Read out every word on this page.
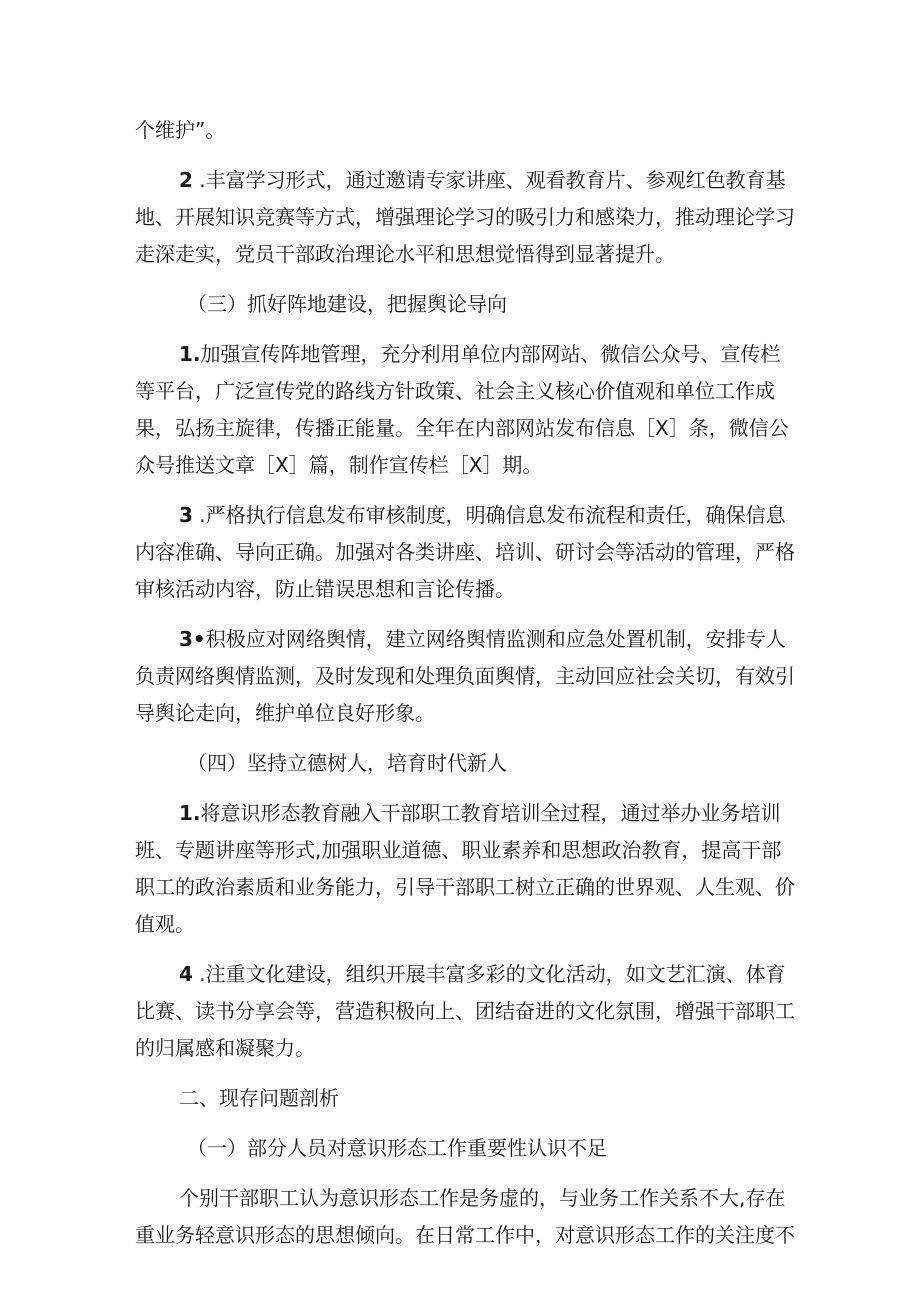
个维护”。

2 .丰富学习形式，通过邀请专家讲座、观看教育片、参观红色教育基地、开展知识竞赛等方式，增强理论学习的吸引力和感染力，推动理论学习走深走实，党员干部政治理论水平和思想觉悟得到显著提升。

（三）抓好阵地建设，把握舆论导向

1.加强宣传阵地管理，充分利用单位内部网站、微信公众号、宣传栏等平台，广泛宣传党的路线方针政策、社会主义核心价值观和单位工作成果，弘扬主旋律，传播正能量。全年在内部网站发布信息［X］条，微信公众号推送文章［X］篇，制作宣传栏［X］期。

3 .严格执行信息发布审核制度，明确信息发布流程和责任，确保信息内容准确、导向正确。加强对各类讲座、培训、研讨会等活动的管理，严格审核活动内容，防止错误思想和言论传播。

3•积极应对网络舆情，建立网络舆情监测和应急处置机制，安排专人负责网络舆情监测，及时发现和处理负面舆情，主动回应社会关切，有效引导舆论走向，维护单位良好形象。

（四）坚持立德树人，培育时代新人

1.将意识形态教育融入干部职工教育培训全过程，通过举办业务培训班、专题讲座等形式,加强职业道德、职业素养和思想政治教育，提高干部职工的政治素质和业务能力，引导干部职工树立正确的世界观、人生观、价值观。

4 .注重文化建设，组织开展丰富多彩的文化活动，如文艺汇演、体育比赛、读书分享会等，营造积极向上、团结奋进的文化氛围，增强干部职工的归属感和凝聚力。

二、现存问题剖析

（一）部分人员对意识形态工作重要性认识不足

个别干部职工认为意识形态工作是务虚的，与业务工作关系不大,存在重业务轻意识形态的思想倾向。在日常工作中，对意识形态工作的关注度不
